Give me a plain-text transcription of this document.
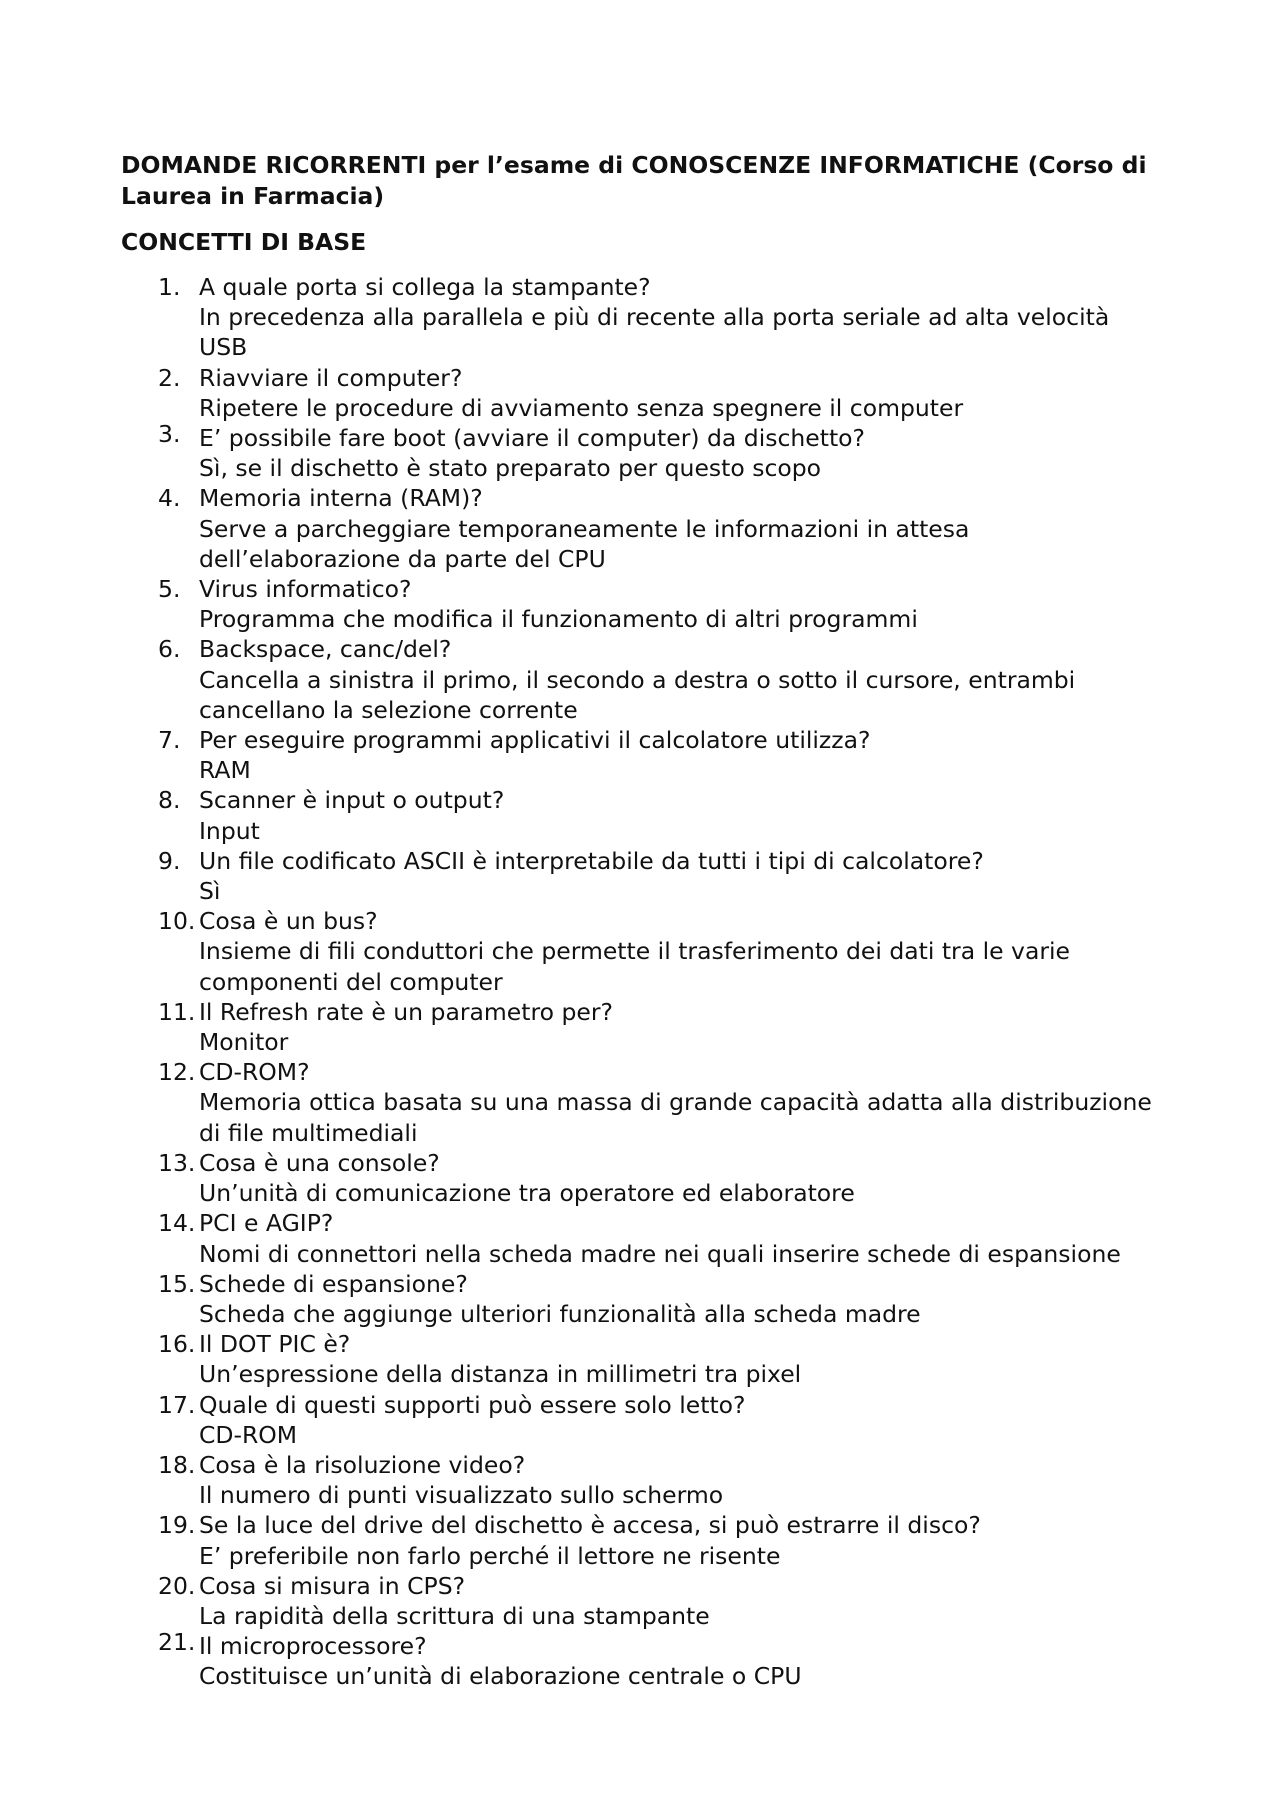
DOMANDE RICORRENTI per l’esame di CONOSCENZE INFORMATICHE (Corso di Laurea in Farmacia)
CONCETTI DI BASE
1. A quale porta si collega la stampante?
In precedenza alla parallela e più di recente alla porta seriale ad alta velocità USB
2. Riavviare il computer?
Ripetere le procedure di avviamento senza spegnere il computer
3. E’ possibile fare boot (avviare il computer) da dischetto?
Sì, se il dischetto è stato preparato per questo scopo
4. Memoria interna (RAM)?
Serve a parcheggiare temporaneamente le informazioni in attesa dell’elaborazione da parte del CPU
5. Virus informatico?
Programma che modifica il funzionamento di altri programmi
6. Backspace, canc/del?
Cancella a sinistra il primo, il secondo a destra o sotto il cursore, entrambi cancellano la selezione corrente
7. Per eseguire programmi applicativi il calcolatore utilizza?
RAM
8. Scanner è input o output?
Input
9. Un file codificato ASCII è interpretabile da tutti i tipi di calcolatore?
Sì
10. Cosa è un bus?
Insieme di fili conduttori che permette il trasferimento dei dati tra le varie componenti del computer
11. Il Refresh rate è un parametro per?
Monitor
12. CD-ROM?
Memoria ottica basata su una massa di grande capacità adatta alla distribuzione di file multimediali
13. Cosa è una console?
Un’unità di comunicazione tra operatore ed elaboratore
14. PCI e AGIP?
Nomi di connettori nella scheda madre nei quali inserire schede di espansione
15. Schede di espansione?
Scheda che aggiunge ulteriori funzionalità alla scheda madre
16. Il DOT PIC è?
Un’espressione della distanza in millimetri tra pixel
17. Quale di questi supporti può essere solo letto?
CD-ROM
18. Cosa è la risoluzione video?
Il numero di punti visualizzato sullo schermo
19. Se la luce del drive del dischetto è accesa, si può estrarre il disco?
E’ preferibile non farlo perché il lettore ne risente
20. Cosa si misura in CPS?
La rapidità della scrittura di una stampante
21. Il microprocessore?
Costituisce un’unità di elaborazione centrale o CPU
